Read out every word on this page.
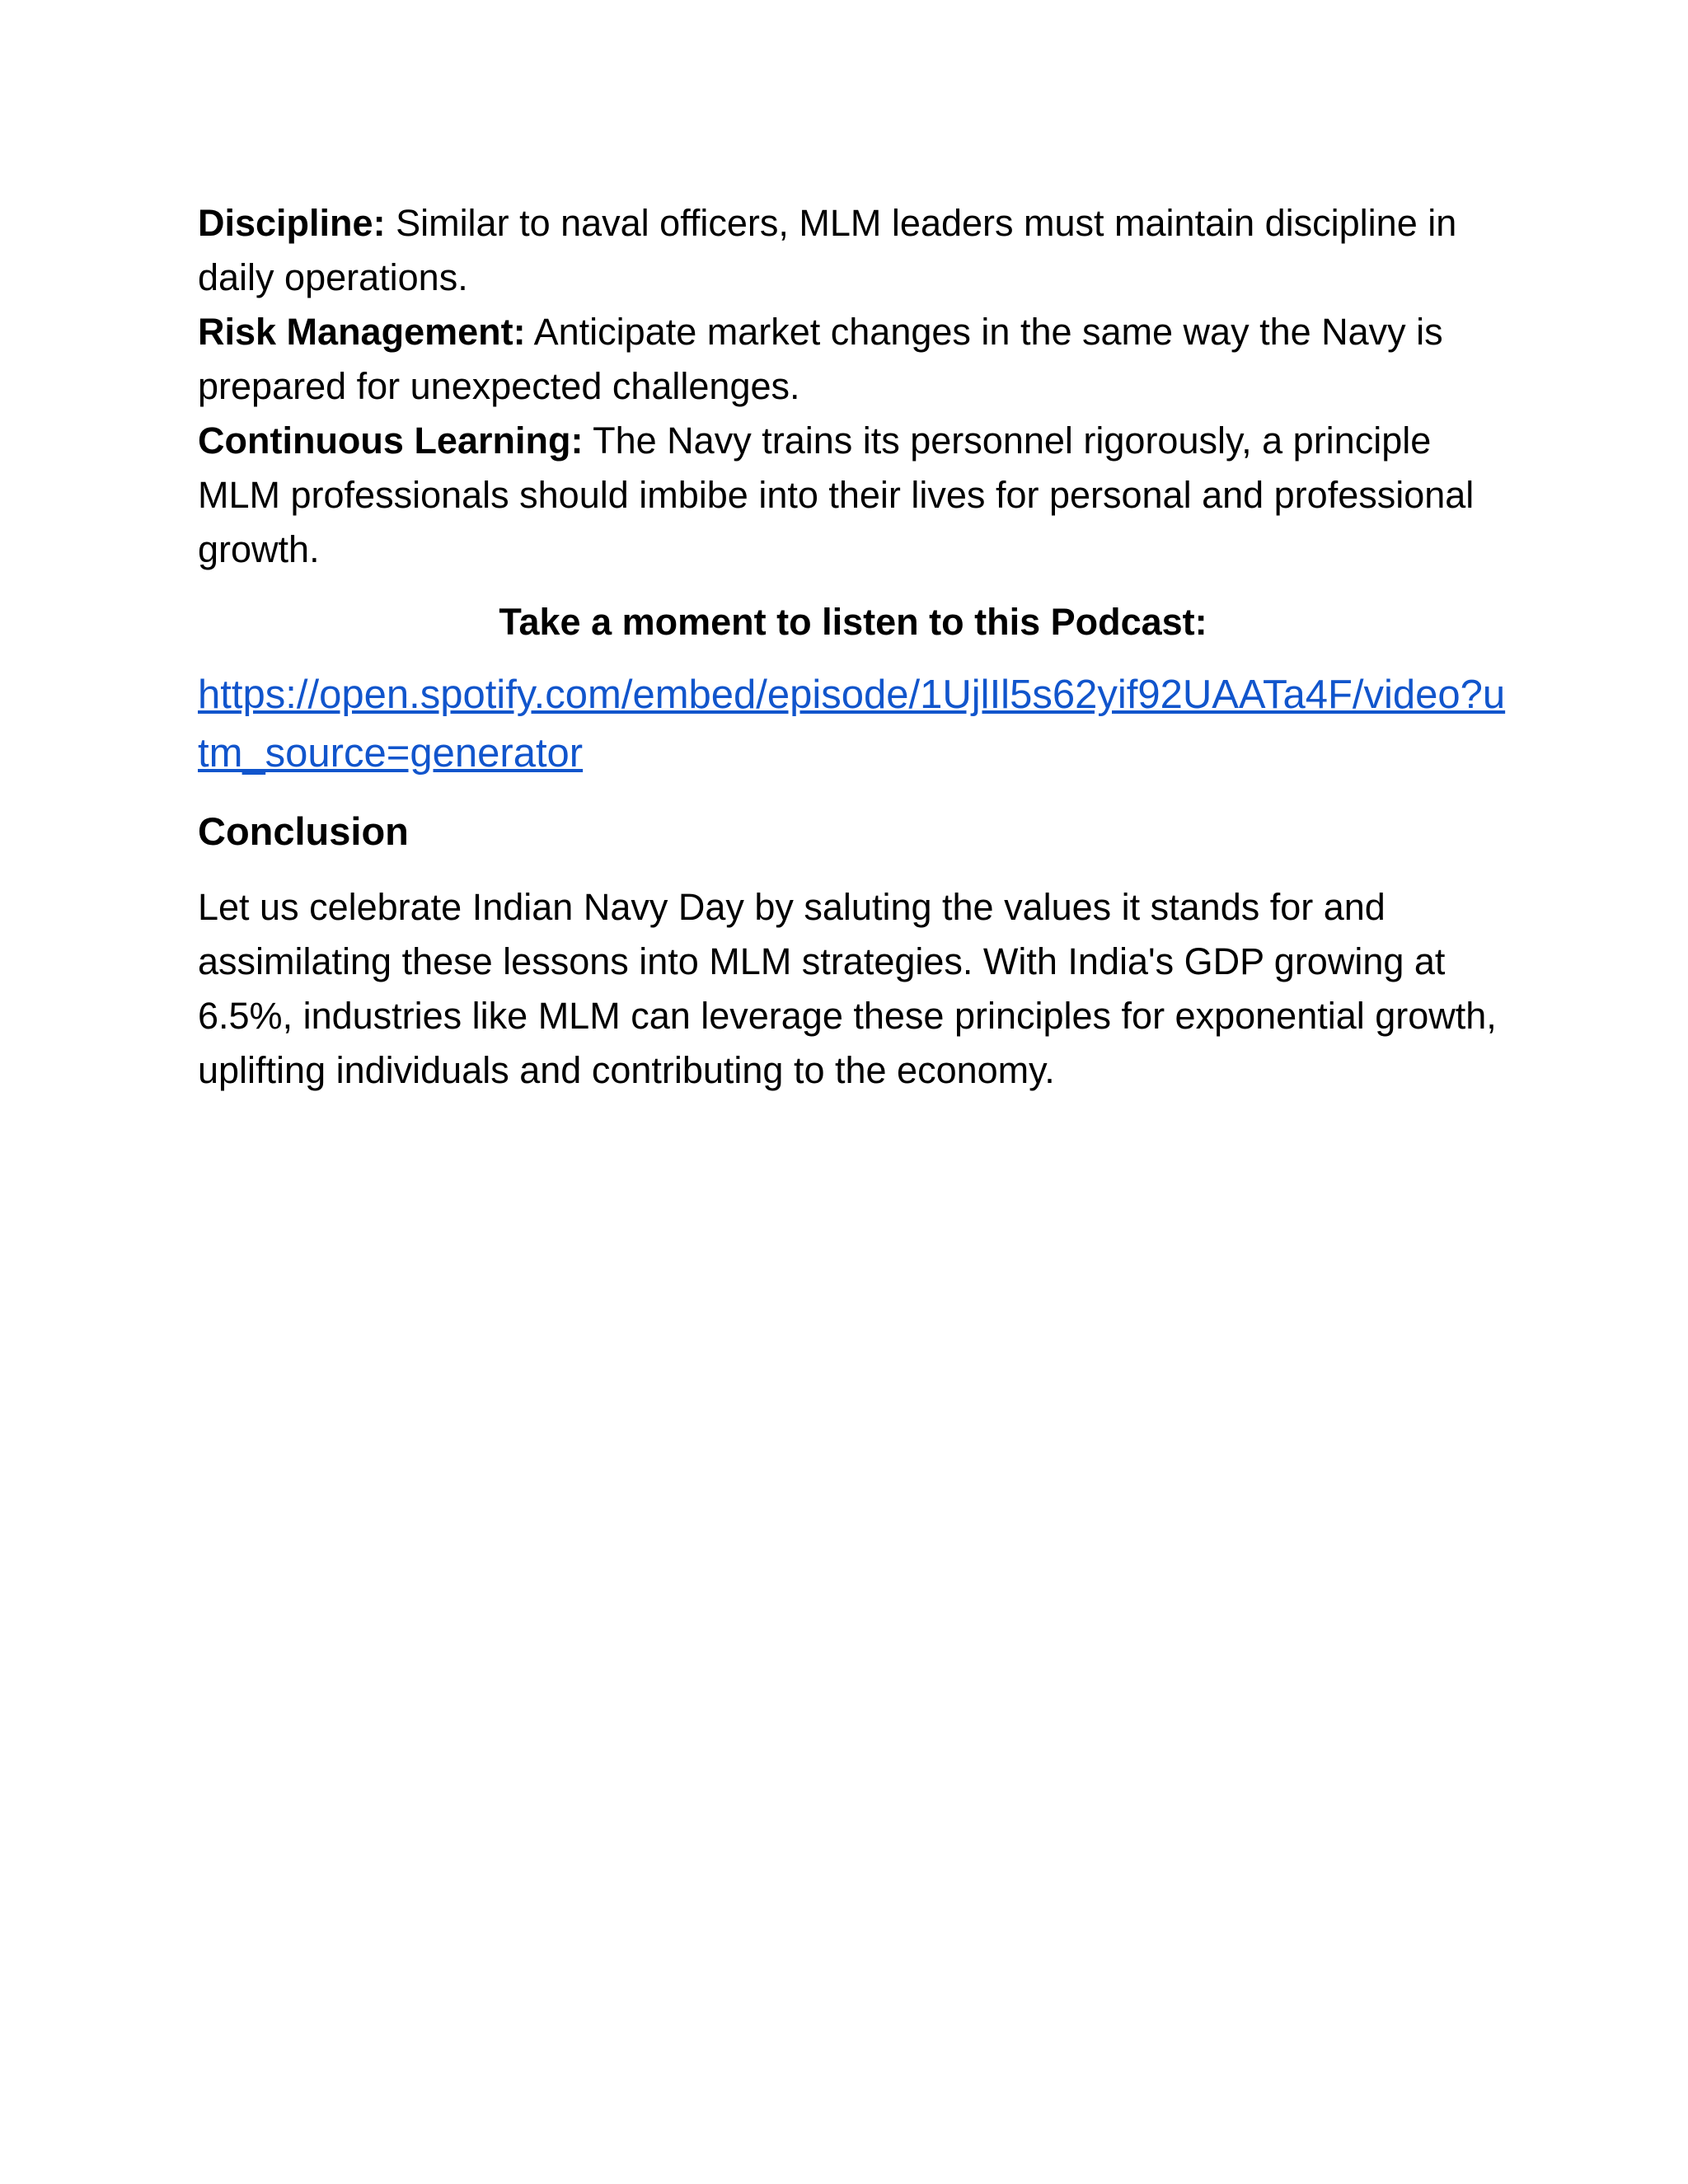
Discipline: Similar to naval officers, MLM leaders must maintain discipline in daily operations.

Risk Management: Anticipate market changes in the same way the Navy is prepared for unexpected challenges.

Continuous Learning: The Navy trains its personnel rigorously, a principle MLM professionals should imbibe into their lives for personal and professional growth.

Take a moment to listen to this Podcast:
https://open.spotify.com/embed/episode/1UjlIl5s62yif92UAATa4F/video?utm_source=generator
Conclusion

Let us celebrate Indian Navy Day by saluting the values it stands for and assimilating these lessons into MLM strategies. With India's GDP growing at 6.5%, industries like MLM can leverage these principles for exponential growth, uplifting individuals and contributing to the economy.
